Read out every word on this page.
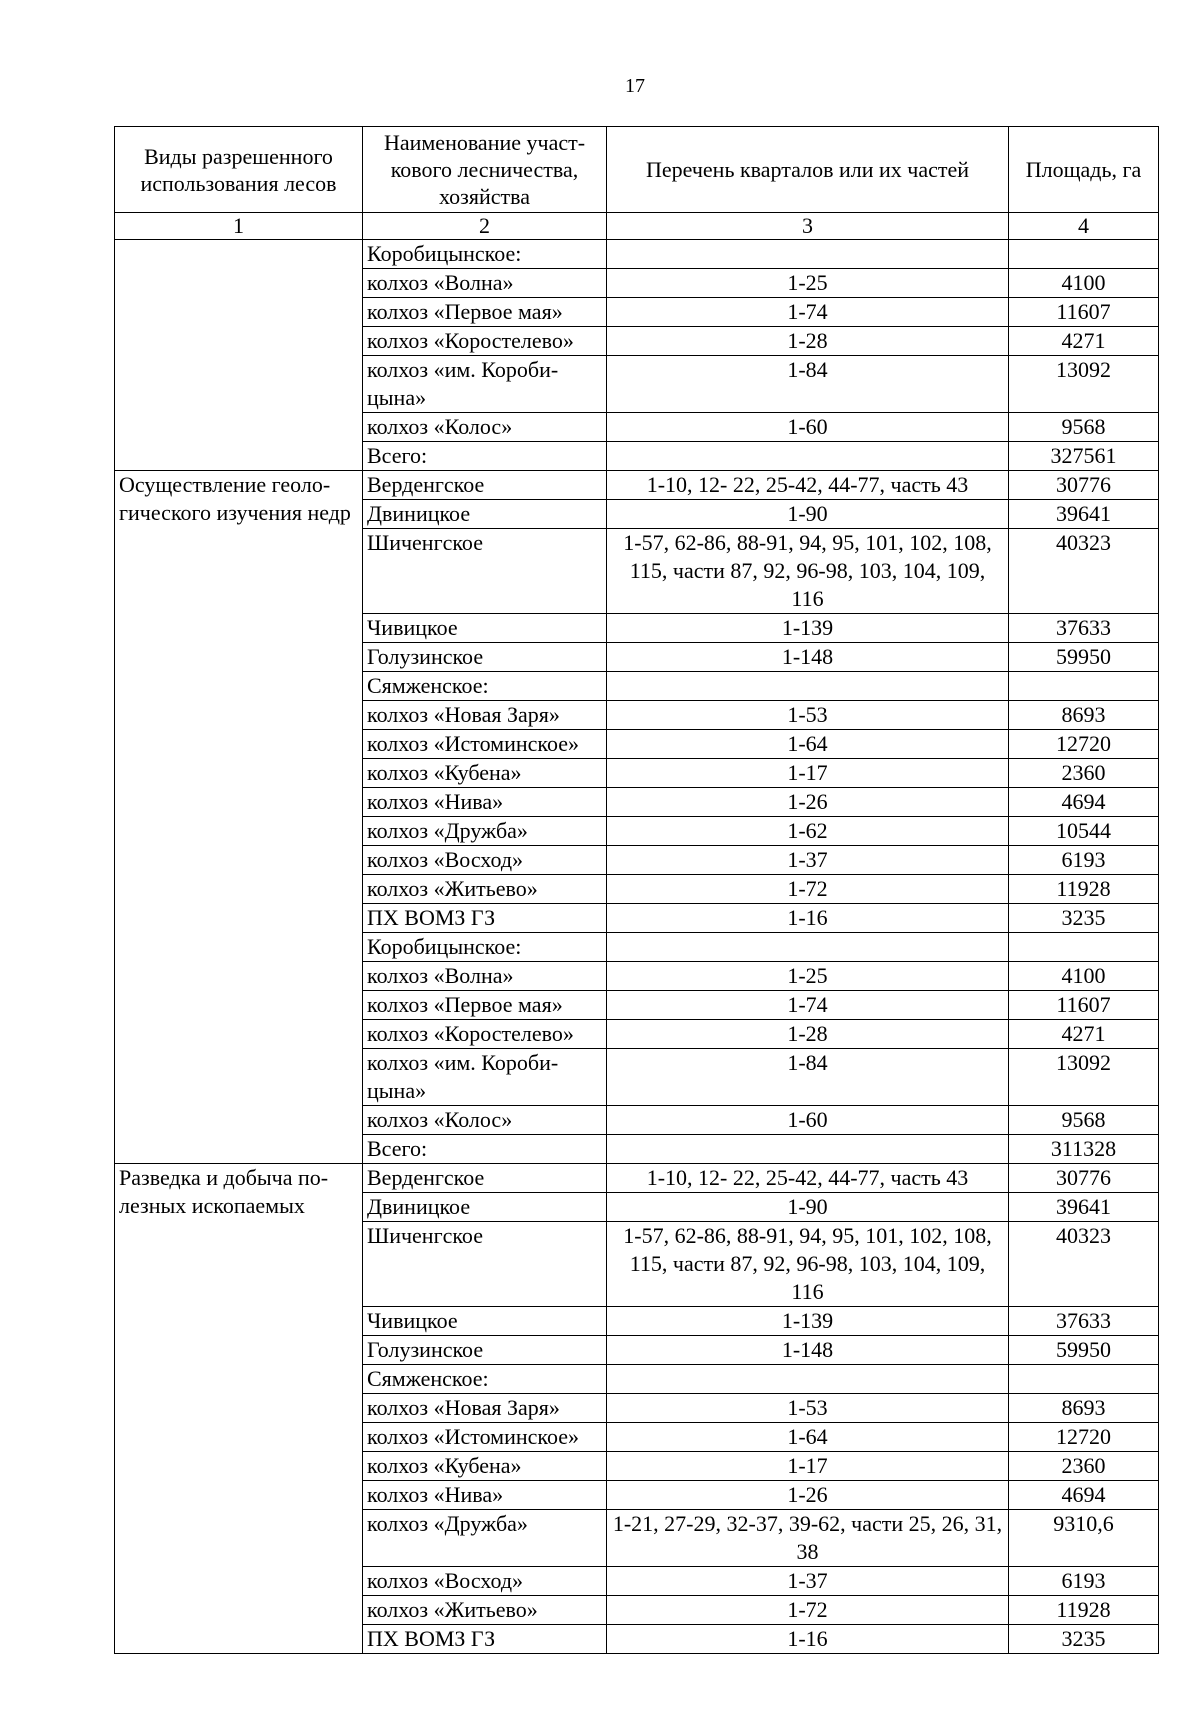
17
Виды разрешенного использования лесов	Наименование участ-кового лесничества, хозяйства	Перечень кварталов или их частей	Площадь, га
1	2	3	4
	Коробицынское:		
	колхоз «Волна»	1-25	4100
	колхоз «Первое мая»	1-74	11607
	колхоз «Коростелево»	1-28	4271
	колхоз «им. Короби-цына»	1-84	13092
	колхоз «Колос»	1-60	9568
	Всего:		327561
Осуществление геоло-гического изучения недр	Верденгское	1-10, 12- 22, 25-42, 44-77, часть 43	30776
	Двиницкое	1-90	39641
	Шиченгское	1-57, 62-86, 88-91, 94, 95, 101, 102, 108, 115, части 87, 92, 96-98, 103, 104, 109, 116	40323
	Чивицкое	1-139	37633
	Голузинское	1-148	59950
	Сямженское:		
	колхоз «Новая Заря»	1-53	8693
	колхоз «Истоминское»	1-64	12720
	колхоз «Кубена»	1-17	2360
	колхоз «Нива»	1-26	4694
	колхоз «Дружба»	1-62	10544
	колхоз «Восход»	1-37	6193
	колхоз «Житьево»	1-72	11928
	ПХ ВОМЗ ГЗ	1-16	3235
	Коробицынское:		
	колхоз «Волна»	1-25	4100
	колхоз «Первое мая»	1-74	11607
	колхоз «Коростелево»	1-28	4271
	колхоз «им. Короби-цына»	1-84	13092
	колхоз «Колос»	1-60	9568
	Всего:		311328
Разведка и добыча по-лезных ископаемых	Верденгское	1-10, 12- 22, 25-42, 44-77, часть 43	30776
	Двиницкое	1-90	39641
	Шиченгское	1-57, 62-86, 88-91, 94, 95, 101, 102, 108, 115, части 87, 92, 96-98, 103, 104, 109, 116	40323
	Чивицкое	1-139	37633
	Голузинское	1-148	59950
	Сямженское:		
	колхоз «Новая Заря»	1-53	8693
	колхоз «Истоминское»	1-64	12720
	колхоз «Кубена»	1-17	2360
	колхоз «Нива»	1-26	4694
	колхоз «Дружба»	1-21, 27-29, 32-37, 39-62, части 25, 26, 31, 38	9310,6
	колхоз «Восход»	1-37	6193
	колхоз «Житьево»	1-72	11928
	ПХ ВОМЗ ГЗ	1-16	3235
